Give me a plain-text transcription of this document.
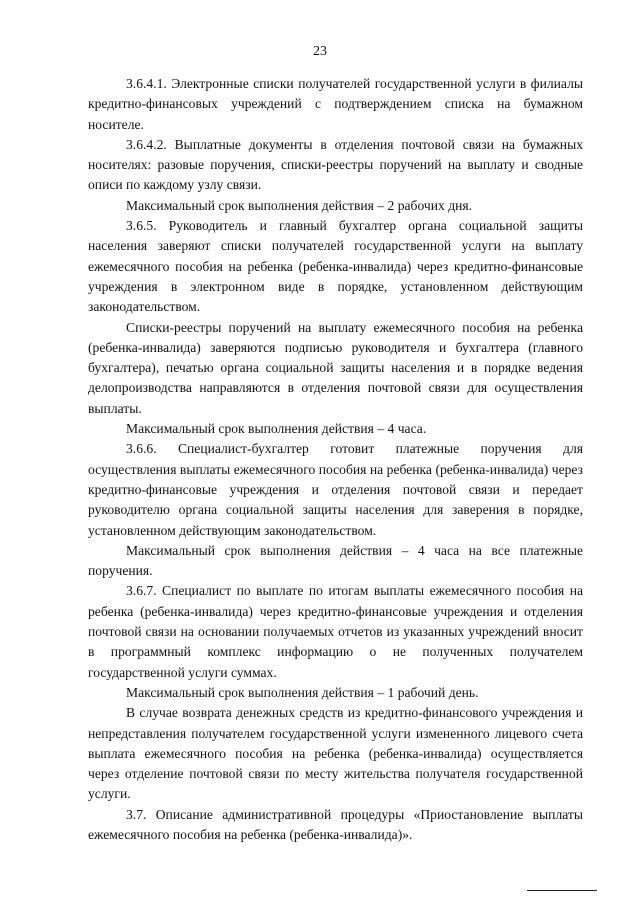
23

3.6.4.1. Электронные списки получателей государственной услуги в филиалы кредитно-финансовых учреждений с подтверждением списка на бумажном носителе.

3.6.4.2. Выплатные документы в отделения почтовой связи на бумажных носителях: разовые поручения, списки-реестры поручений на выплату и сводные описи по каждому узлу связи.

Максимальный срок выполнения действия – 2 рабочих дня.

3.6.5. Руководитель и главный бухгалтер органа социальной защиты населения заверяют списки получателей государственной услуги на выплату ежемесячного пособия на ребенка (ребенка-инвалида) через кредитно-финансовые учреждения в электронном виде в порядке, установленном действующим законодательством.

Списки-реестры поручений на выплату ежемесячного пособия на ребенка (ребенка-инвалида) заверяются подписью руководителя и бухгалтера (главного бухгалтера), печатью органа социальной защиты населения и в порядке ведения делопроизводства направляются в отделения почтовой связи для осуществления выплаты.

Максимальный срок выполнения действия – 4 часа.

3.6.6. Специалист-бухгалтер готовит платежные поручения для осуществления выплаты ежемесячного пособия на ребенка (ребенка-инвалида) через кредитно-финансовые учреждения и отделения почтовой связи и передает руководителю органа социальной защиты населения для заверения в порядке, установленном действующим законодательством.

Максимальный срок выполнения действия – 4 часа на все платежные поручения.

3.6.7. Специалист по выплате по итогам выплаты ежемесячного пособия на ребенка (ребенка-инвалида) через кредитно-финансовые учреждения и отделения почтовой связи на основании получаемых отчетов из указанных учреждений вносит в программный комплекс информацию о не полученных получателем государственной услуги суммах.

Максимальный срок выполнения действия – 1 рабочий день.

В случае возврата денежных средств из кредитно-финансового учреждения и непредставления получателем государственной услуги измененного лицевого счета выплата ежемесячного пособия на ребенка (ребенка-инвалида) осуществляется через отделение почтовой связи по месту жительства получателя государственной услуги.

3.7. Описание административной процедуры «Приостановление выплаты ежемесячного пособия на ребенка (ребенка-инвалида)».
